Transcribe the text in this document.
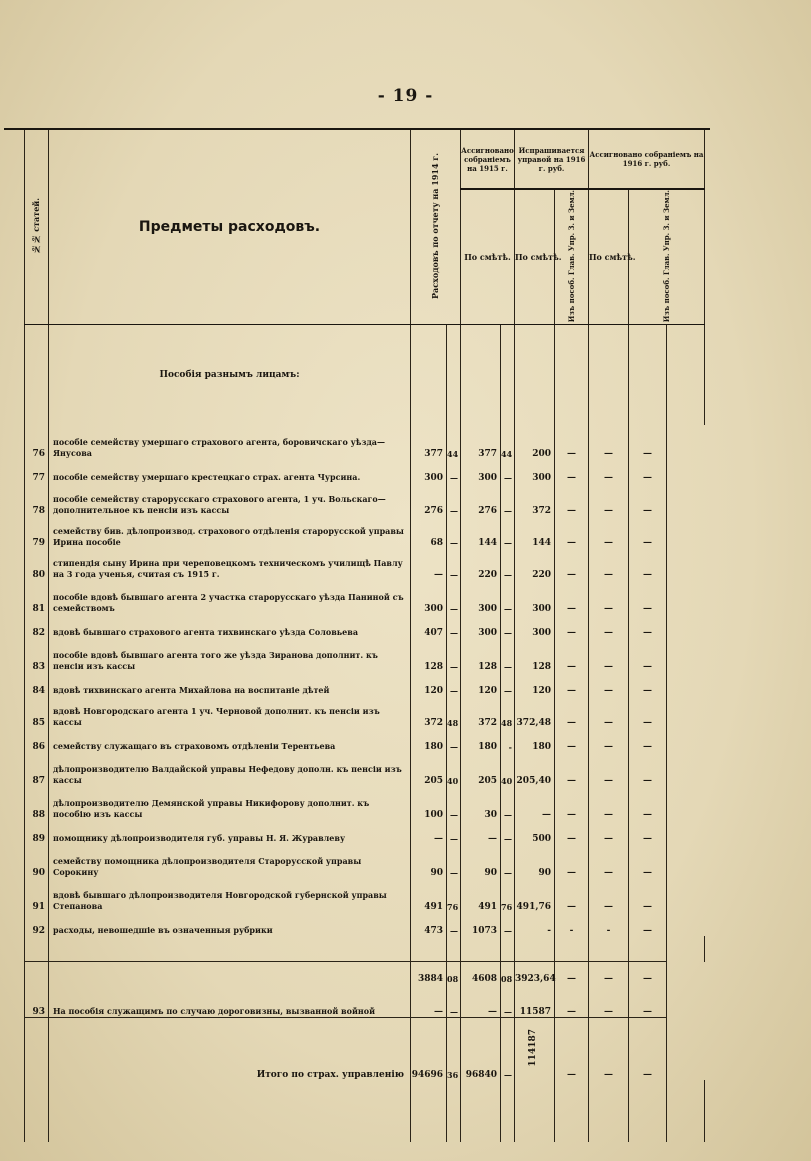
- 19 -
№№ статей.	Предметы расходовъ.	Расходовъ по отчету на 1914 г.		Ассигновано собраніемъ на 1915 г.		Испрашивается управой на 1916 г. руб.		Ассигновано собраніемъ на 1916 г. руб.		
				По смѣтѣ.		По смѣтѣ.	Изъ пособ. Глав. Упр. З. и Земл.	По смѣтѣ.	Изъ пособ. Глав. Упр. З. и Земл.	
	Пособія разнымъ лицамъ:									
76	пособіе семейству умершаго страхового агента, боровичскаго уѣзда—Янусова	377	44	377	44	200	—	—	—	
77	пособіе семейству умершаго крестецкаго страх. агента Чурсина.	300	—	300	—	300	—	—	—	
78	пособіе семейству старорусскаго страхового агента, 1 уч. Вольскаго—дополнительное къ пенсіи изъ кассы	276	—	276	—	372	—	—	—	
79	семейству бив. дѣлопроизвод. страхового отдѣленія старорусской управы Ирина пособіе	68	—	144	—	144	—	—	—	
80	стипендія сыну Ирина при череповецкомъ техническомъ училищѣ Павлу на 3 года ученья, считая съ 1915 г.	—	—	220	—	220	—	—	—	
81	пособіе вдовѣ бывшаго агента 2 участка старорусскаго уѣзда Паниной съ семействомъ	300	—	300	—	300	—	—	—	
82	вдовѣ бывшаго страхового агента тихвинскаго уѣзда Соловьева	407	—	300	—	300	—	—	—	
83	пособіе вдовѣ бывшаго агента того же уѣзда Зиранова дополнит. къ пенсіи изъ кассы	128	—	128	—	128	—	—	—	
84	вдовѣ тихвинскаго агента Михайлова на воспитаніе дѣтей	120	—	120	—	120	—	—	—	
85	вдовѣ Новгородскаго агента 1 уч. Черновой дополнит. къ пенсіи изъ кассы	372	48	372	48	372,48	—	—	—	
86	семейству служащаго въ страховомъ отдѣленіи Терентьева	180	—	180	-	180	—	—	—	
87	дѣлопроизводителю Валдайской управы Нефедову дополн. къ пенсіи изъ кассы	205	40	205	40	205,40	—	—	—	
88	дѣлопроизводителю Демянской управы Никифорову дополнит. къ пособію изъ кассы	100	—	30	—	—	—	—	—	
89	помощнику дѣлопроизводителя губ. управы Н. Я. Журавлеву	—	—	—	—	500	—	—	—	
90	семейству помощника дѣлопроизводителя Старорусской управы Сорокину	90	—	90	—	90	—	—	—	
91	вдовѣ бывшаго дѣлопроизводителя Новгородской губернской управы Степанова	491	76	491	76	491,76	—	—	—	
92	расходы, невошедшіе въ означенныя рубрики	473	—	1073	—	-	-	-	—	

		3884	08	4608	08	3923,64	—	—	—	
93	На пособія служащимъ по случаю дороговизны, вызванной войной	—	—	—	—	11587	—	—	—	
	Итого по страх. управленію	94696	36	96840	—	114187	—	—	—	
